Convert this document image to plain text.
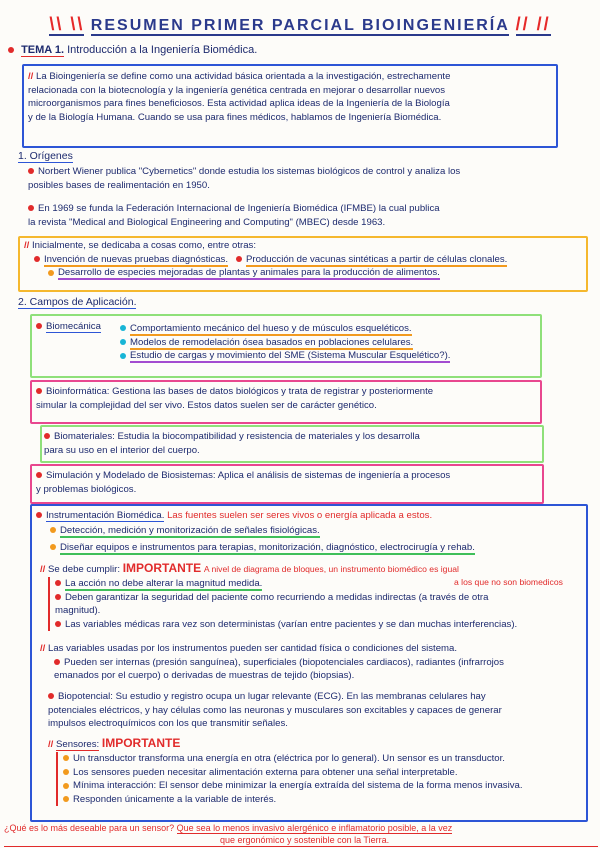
\\ \\ RESUMEN PRIMER PARCIAL BIOINGENIERÍA // //
TEMA 1. Introducción a la Ingeniería Biomédica.
// La Bioingeniería se define como una actividad básica orientada a la investigación, estrechamente
relacionada con la biotecnología y la ingeniería genética centrada en mejorar o desarrollar nuevos
microorganismos para fines beneficiosos. Esta actividad aplica ideas de la Ingeniería de la Biología
y de la Biología Humana. Cuando se usa para fines médicos, hablamos de Ingeniería Biomédica.
1. Orígenes
Norbert Wiener publica "Cybernetics" donde estudia los sistemas biológicos de control y analiza los
posibles bases de realimentación en 1950.
En 1969 se funda la Federación Internacional de Ingeniería Biomédica (IFMBE) la cual publica
la revista "Medical and Biological Engineering and Computing" (MBEC) desde 1963.
// Inicialmente, se dedicaba a cosas como, entre otras:
Invención de nuevas pruebas diagnósticas. Producción de vacunas sintéticas a partir de células clonales.
Desarrollo de especies mejoradas de plantas y animales para la producción de alimentos.
2. Campos de Aplicación.
Biomecánica	Comportamiento mecánico del hueso y de músculos esqueléticos.
Modelos de remodelación ósea basados en poblaciones celulares.
Estudio de cargas y movimiento del SME (Sistema Muscular Esquelético?).
Bioinformática: Gestiona las bases de datos biológicos y trata de registrar y posteriormente
simular la complejidad del ser vivo. Estos datos suelen ser de carácter genético.
Biomateriales: Estudia la biocompatibilidad y resistencia de materiales y los desarrolla
para su uso en el interior del cuerpo.
Simulación y Modelado de Biosistemas: Aplica el análisis de sistemas de ingeniería a procesos
y problemas biológicos.
Instrumentación Biomédica. Las fuentes suelen ser seres vivos o energía aplicada a estos.
Detección, medición y monitorización de señales fisiológicas.
Diseñar equipos e instrumentos para terapias, monitorización, diagnóstico, electrocirugía y rehab.
// Se debe cumplir: IMPORTANTE A nivel de diagrama de bloques, un instrumento biomédico es igual
a los que no son biomedicos
La acción no debe alterar la magnitud medida.
Deben garantizar la seguridad del paciente como recurriendo a medidas indirectas (a través de otra
magnitud).
Las variables médicas rara vez son deterministas (varían entre pacientes y se dan muchas interferencias).
// Las variables usadas por los instrumentos pueden ser cantidad física o condiciones del sistema.
Pueden ser internas (presión sanguínea), superficiales (biopotenciales cardiacos), radiantes (infrarrojos
emanados por el cuerpo) o derivadas de muestras de tejido (biopsias).
Biopotencial: Su estudio y registro ocupa un lugar relevante (ECG). En las membranas celulares hay
potenciales eléctricos, y hay células como las neuronas y musculares son excitables y capaces de generar
impulsos electroquímicos con los que transmitir señales.
// Sensores: IMPORTANTE
Un transductor transforma una energía en otra (eléctrica por lo general). Un sensor es un transductor.
Los sensores pueden necesitar alimentación externa para obtener una señal interpretable.
Mínima interacción: El sensor debe minimizar la energía extraída del sistema de la forma menos invasiva.
Responden únicamente a la variable de interés.
¿Qué es lo más deseable para un sensor? Que sea lo menos invasivo alergénico e inflamatorio posible, a la vez
que ergonómico y sostenible con la Tierra.
